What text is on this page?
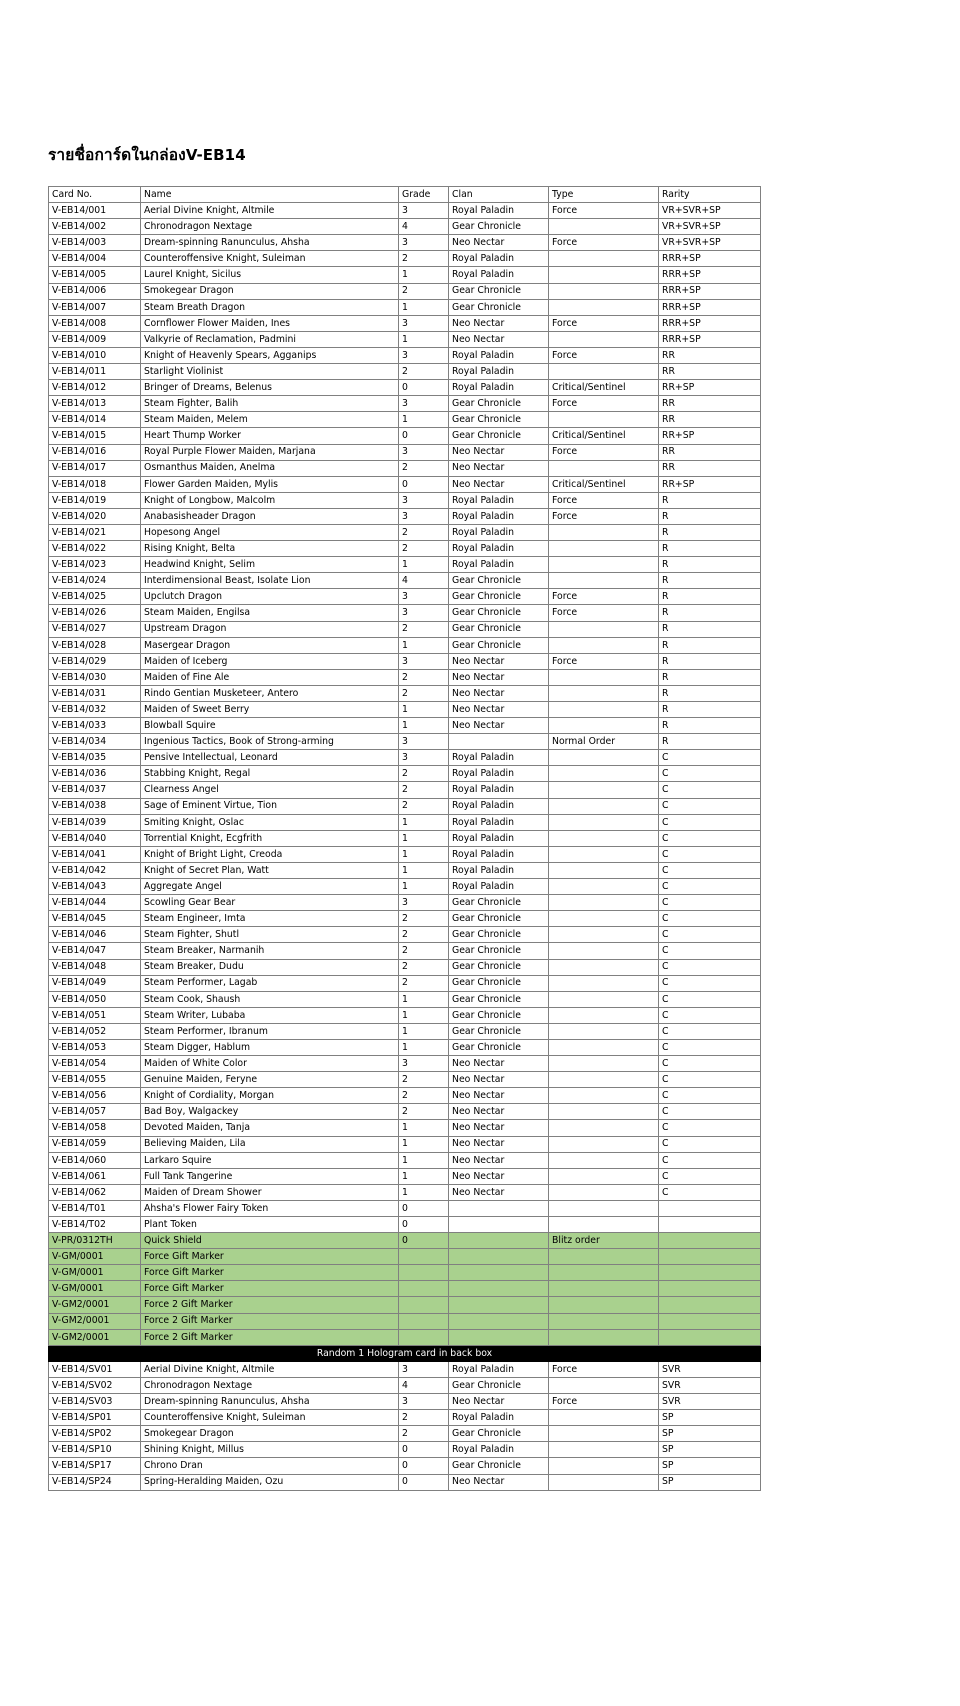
รายชื่อการ์ดในกล่องV-EB14
Card No.	Name	Grade	Clan	Type	Rarity
V-EB14/001	Aerial Divine Knight, Altmile	3	Royal Paladin	Force	VR+SVR+SP
V-EB14/002	Chronodragon Nextage	4	Gear Chronicle		VR+SVR+SP
V-EB14/003	Dream-spinning Ranunculus, Ahsha	3	Neo Nectar	Force	VR+SVR+SP
V-EB14/004	Counteroffensive Knight, Suleiman	2	Royal Paladin		RRR+SP
V-EB14/005	Laurel Knight, Sicilus	1	Royal Paladin		RRR+SP
V-EB14/006	Smokegear Dragon	2	Gear Chronicle		RRR+SP
V-EB14/007	Steam Breath Dragon	1	Gear Chronicle		RRR+SP
V-EB14/008	Cornflower Flower Maiden, Ines	3	Neo Nectar	Force	RRR+SP
V-EB14/009	Valkyrie of Reclamation, Padmini	1	Neo Nectar		RRR+SP
V-EB14/010	Knight of Heavenly Spears, Agganips	3	Royal Paladin	Force	RR
V-EB14/011	Starlight Violinist	2	Royal Paladin		RR
V-EB14/012	Bringer of Dreams, Belenus	0	Royal Paladin	Critical/Sentinel	RR+SP
V-EB14/013	Steam Fighter, Balih	3	Gear Chronicle	Force	RR
V-EB14/014	Steam Maiden, Melem	1	Gear Chronicle		RR
V-EB14/015	Heart Thump Worker	0	Gear Chronicle	Critical/Sentinel	RR+SP
V-EB14/016	Royal Purple Flower Maiden, Marjana	3	Neo Nectar	Force	RR
V-EB14/017	Osmanthus Maiden, Anelma	2	Neo Nectar		RR
V-EB14/018	Flower Garden Maiden, Mylis	0	Neo Nectar	Critical/Sentinel	RR+SP
V-EB14/019	Knight of Longbow, Malcolm	3	Royal Paladin	Force	R
V-EB14/020	Anabasisheader Dragon	3	Royal Paladin	Force	R
V-EB14/021	Hopesong Angel	2	Royal Paladin		R
V-EB14/022	Rising Knight, Belta	2	Royal Paladin		R
V-EB14/023	Headwind Knight, Selim	1	Royal Paladin		R
V-EB14/024	Interdimensional Beast, Isolate Lion	4	Gear Chronicle		R
V-EB14/025	Upclutch Dragon	3	Gear Chronicle	Force	R
V-EB14/026	Steam Maiden, Engilsa	3	Gear Chronicle	Force	R
V-EB14/027	Upstream Dragon	2	Gear Chronicle		R
V-EB14/028	Masergear Dragon	1	Gear Chronicle		R
V-EB14/029	Maiden of Iceberg	3	Neo Nectar	Force	R
V-EB14/030	Maiden of Fine Ale	2	Neo Nectar		R
V-EB14/031	Rindo Gentian Musketeer, Antero	2	Neo Nectar		R
V-EB14/032	Maiden of Sweet Berry	1	Neo Nectar		R
V-EB14/033	Blowball Squire	1	Neo Nectar		R
V-EB14/034	Ingenious Tactics, Book of Strong-arming	3		Normal Order	R
V-EB14/035	Pensive Intellectual, Leonard	3	Royal Paladin		C
V-EB14/036	Stabbing Knight, Regal	2	Royal Paladin		C
V-EB14/037	Clearness Angel	2	Royal Paladin		C
V-EB14/038	Sage of Eminent Virtue, Tion	2	Royal Paladin		C
V-EB14/039	Smiting Knight, Oslac	1	Royal Paladin		C
V-EB14/040	Torrential Knight, Ecgfrith	1	Royal Paladin		C
V-EB14/041	Knight of Bright Light, Creoda	1	Royal Paladin		C
V-EB14/042	Knight of Secret Plan, Watt	1	Royal Paladin		C
V-EB14/043	Aggregate Angel	1	Royal Paladin		C
V-EB14/044	Scowling Gear Bear	3	Gear Chronicle		C
V-EB14/045	Steam Engineer, Imta	2	Gear Chronicle		C
V-EB14/046	Steam Fighter, Shutl	2	Gear Chronicle		C
V-EB14/047	Steam Breaker, Narmanih	2	Gear Chronicle		C
V-EB14/048	Steam Breaker, Dudu	2	Gear Chronicle		C
V-EB14/049	Steam Performer, Lagab	2	Gear Chronicle		C
V-EB14/050	Steam Cook, Shaush	1	Gear Chronicle		C
V-EB14/051	Steam Writer, Lubaba	1	Gear Chronicle		C
V-EB14/052	Steam Performer, Ibranum	1	Gear Chronicle		C
V-EB14/053	Steam Digger, Hablum	1	Gear Chronicle		C
V-EB14/054	Maiden of White Color	3	Neo Nectar		C
V-EB14/055	Genuine Maiden, Feryne	2	Neo Nectar		C
V-EB14/056	Knight of Cordiality, Morgan	2	Neo Nectar		C
V-EB14/057	Bad Boy, Walgackey	2	Neo Nectar		C
V-EB14/058	Devoted Maiden, Tanja	1	Neo Nectar		C
V-EB14/059	Believing Maiden, Lila	1	Neo Nectar		C
V-EB14/060	Larkaro Squire	1	Neo Nectar		C
V-EB14/061	Full Tank Tangerine	1	Neo Nectar		C
V-EB14/062	Maiden of Dream Shower	1	Neo Nectar		C
V-EB14/T01	Ahsha's Flower Fairy Token	0			
V-EB14/T02	Plant Token	0			
V-PR/0312TH	Quick Shield	0		Blitz order	
V-GM/0001	Force Gift Marker				
V-GM/0001	Force Gift Marker				
V-GM/0001	Force Gift Marker				
V-GM2/0001	Force 2 Gift Marker				
V-GM2/0001	Force 2 Gift Marker				
V-GM2/0001	Force 2 Gift Marker				
Random 1 Hologram card in back box					
V-EB14/SV01	Aerial Divine Knight, Altmile	3	Royal Paladin	Force	SVR
V-EB14/SV02	Chronodragon Nextage	4	Gear Chronicle		SVR
V-EB14/SV03	Dream-spinning Ranunculus, Ahsha	3	Neo Nectar	Force	SVR
V-EB14/SP01	Counteroffensive Knight, Suleiman	2	Royal Paladin		SP
V-EB14/SP02	Smokegear Dragon	2	Gear Chronicle		SP
V-EB14/SP10	Shining Knight, Millus	0	Royal Paladin		SP
V-EB14/SP17	Chrono Dran	0	Gear Chronicle		SP
V-EB14/SP24	Spring-Heralding Maiden, Ozu	0	Neo Nectar		SP
